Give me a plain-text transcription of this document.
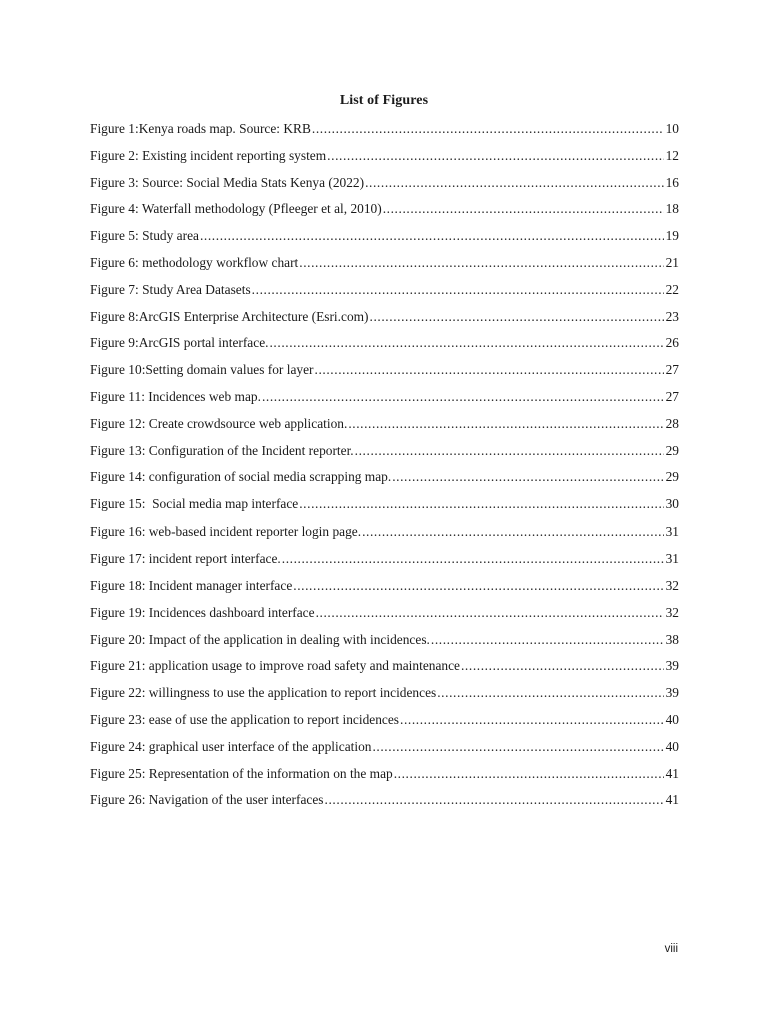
List of Figures
Figure 1:Kenya roads map. Source: KRB .....	10
Figure 2: Existing incident reporting system .....	12
Figure 3: Source: Social Media Stats Kenya (2022) .....	16
Figure 4: Waterfall methodology (Pfleeger et al, 2010) .....	18
Figure 5: Study area .....	19
Figure 6: methodology workflow chart .....	21
Figure 7: Study Area Datasets .....	22
Figure 8:ArcGIS Enterprise Architecture (Esri.com) .....	23
Figure 9:ArcGIS portal interface. .....	26
Figure 10:Setting domain values for layer .....	27
Figure 11: Incidences web map. .....	27
Figure 12: Create crowdsource web application. .....	28
Figure 13: Configuration of the Incident reporter. .....	29
Figure 14: configuration of social media scrapping map. .....	29
Figure 15:  Social media map interface .....	30
Figure 16: web-based incident reporter login page. .....	31
Figure 17: incident report interface. .....	31
Figure 18: Incident manager interface .....	32
Figure 19: Incidences dashboard interface .....	32
Figure 20: Impact of the application in dealing with incidences. .....	38
Figure 21: application usage to improve road safety and maintenance .....	39
Figure 22: willingness to use the application to report incidences .....	39
Figure 23: ease of use the application to report incidences .....	40
Figure 24: graphical user interface of the application .....	40
Figure 25: Representation of the information on the map .....	41
Figure 26: Navigation of the user interfaces .....	41
viii
